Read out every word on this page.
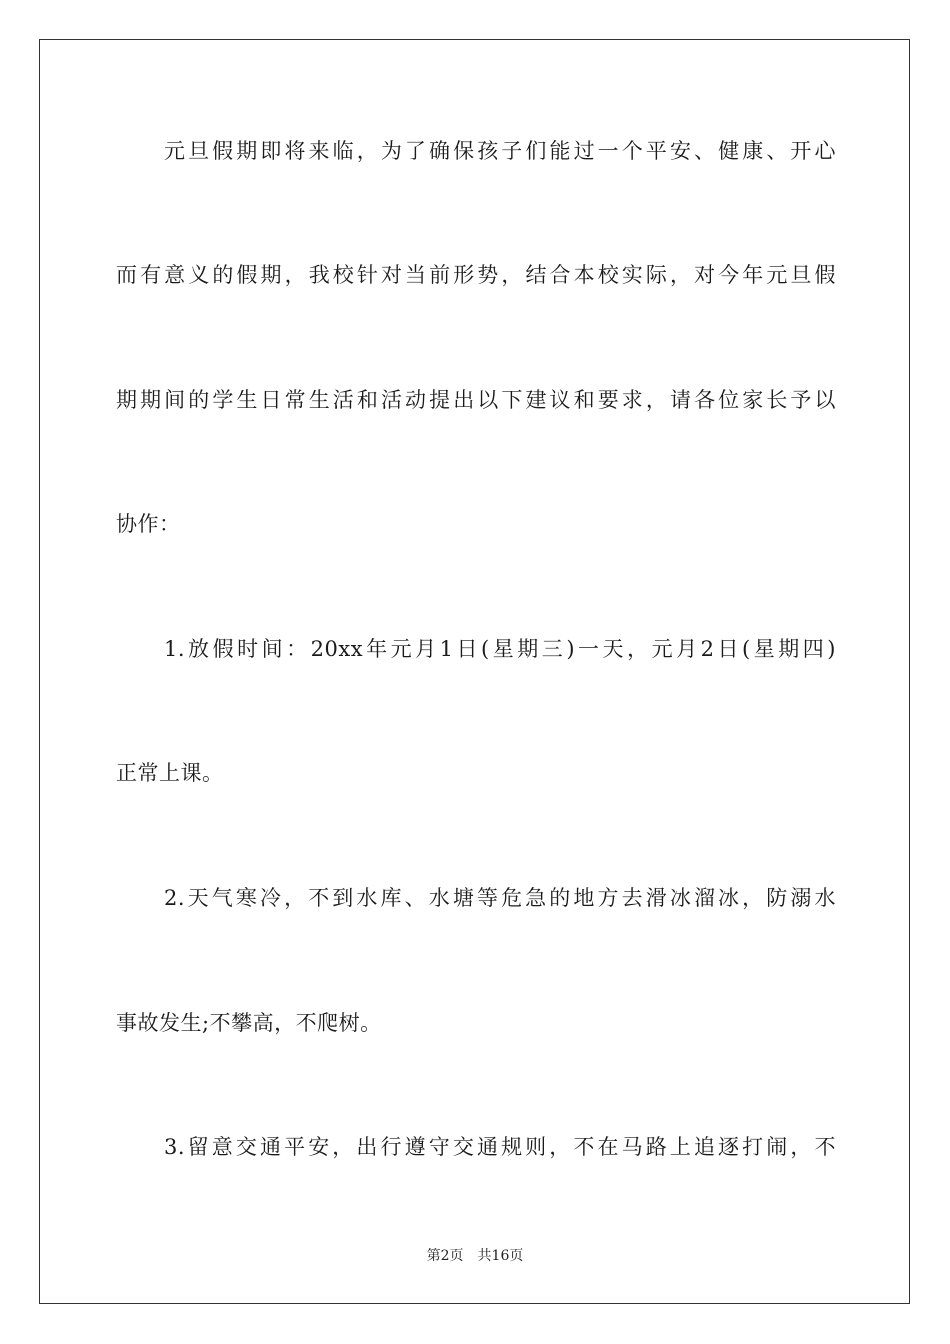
元旦假期即将来临，为了确保孩子们能过一个平安、健康、开心
而有意义的假期，我校针对当前形势，结合本校实际，对今年元旦假
期期间的学生日常生活和活动提出以下建议和要求，请各位家长予以
协作：
1.放假时间：20xx年元月1日(星期三)一天，元月2日(星期四)
正常上课。
2.天气寒冷，不到水库、水塘等危急的地方去滑冰溜冰，防溺水
事故发生;不攀高，不爬树。
3.留意交通平安，出行遵守交通规则，不在马路上追逐打闹，不
第2页 共16页
